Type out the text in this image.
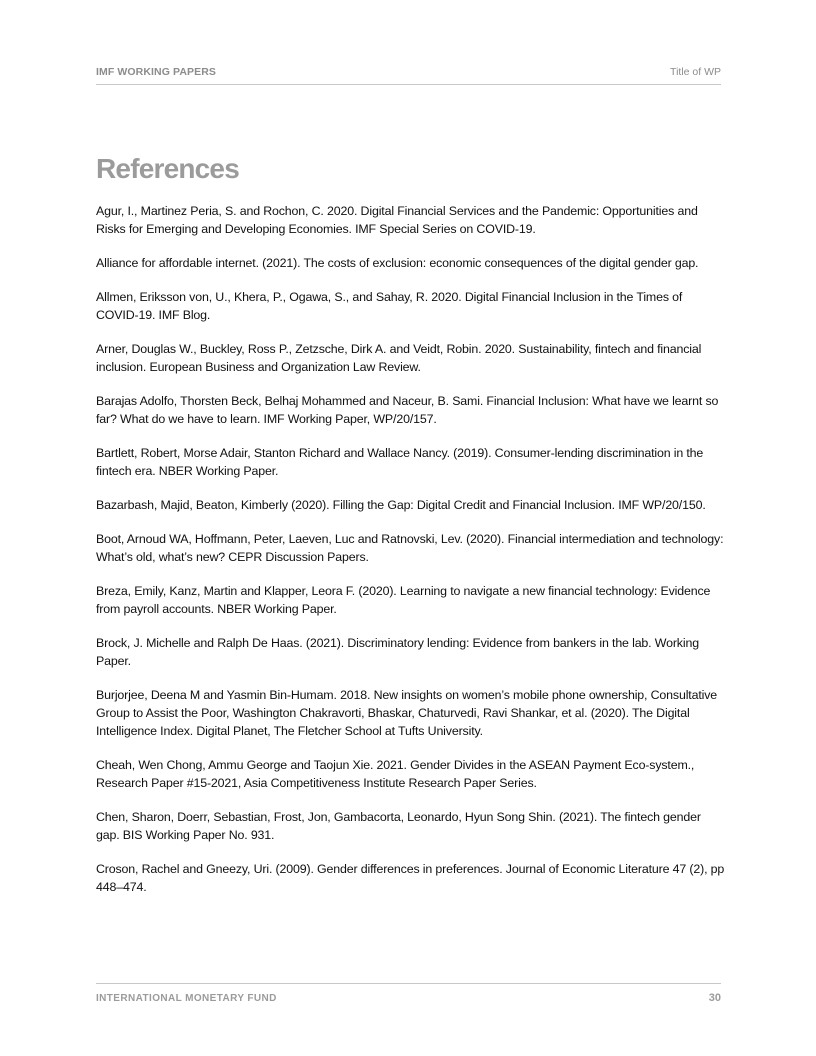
IMF WORKING PAPERS	Title of WP
References

Agur, I., Martinez Peria, S. and Rochon, C. 2020. Digital Financial Services and the Pandemic: Opportunities and Risks for Emerging and Developing Economies. IMF Special Series on COVID-19.

Alliance for affordable internet. (2021). The costs of exclusion: economic consequences of the digital gender gap.

Allmen, Eriksson von, U., Khera, P., Ogawa, S., and Sahay, R. 2020. Digital Financial Inclusion in the Times of COVID-19. IMF Blog.

Arner, Douglas W., Buckley, Ross P., Zetzsche, Dirk A. and Veidt, Robin. 2020. Sustainability, fintech and financial inclusion. European Business and Organization Law Review.

Barajas Adolfo, Thorsten Beck, Belhaj Mohammed and Naceur, B. Sami. Financial Inclusion: What have we learnt so far? What do we have to learn. IMF Working Paper, WP/20/157.

Bartlett, Robert, Morse Adair, Stanton Richard and Wallace Nancy. (2019). Consumer-lending discrimination in the fintech era. NBER Working Paper.

Bazarbash, Majid, Beaton, Kimberly (2020). Filling the Gap: Digital Credit and Financial Inclusion. IMF WP/20/150.

Boot, Arnoud WA, Hoffmann, Peter, Laeven, Luc and Ratnovski, Lev. (2020). Financial intermediation and technology: What’s old, what’s new? CEPR Discussion Papers.

Breza, Emily, Kanz, Martin and Klapper, Leora F. (2020). Learning to navigate a new financial technology: Evidence from payroll accounts. NBER Working Paper.

Brock, J. Michelle and Ralph De Haas. (2021). Discriminatory lending: Evidence from bankers in the lab. Working Paper.

Burjorjee, Deena M and Yasmin Bin-Humam. 2018. New insights on women’s mobile phone ownership, Consultative Group to Assist the Poor, Washington Chakravorti, Bhaskar, Chaturvedi, Ravi Shankar, et al. (2020). The Digital Intelligence Index. Digital Planet, The Fletcher School at Tufts University.

Cheah, Wen Chong, Ammu George and Taojun Xie. 2021. Gender Divides in the ASEAN Payment Eco-system., Research Paper #15-2021, Asia Competitiveness Institute Research Paper Series.

Chen, Sharon, Doerr, Sebastian, Frost, Jon, Gambacorta, Leonardo, Hyun Song Shin. (2021). The fintech gender gap. BIS Working Paper No. 931.

Croson, Rachel and Gneezy, Uri. (2009). Gender differences in preferences. Journal of Economic Literature 47 (2), pp 448–474.

INTERNATIONAL MONETARY FUND	30
